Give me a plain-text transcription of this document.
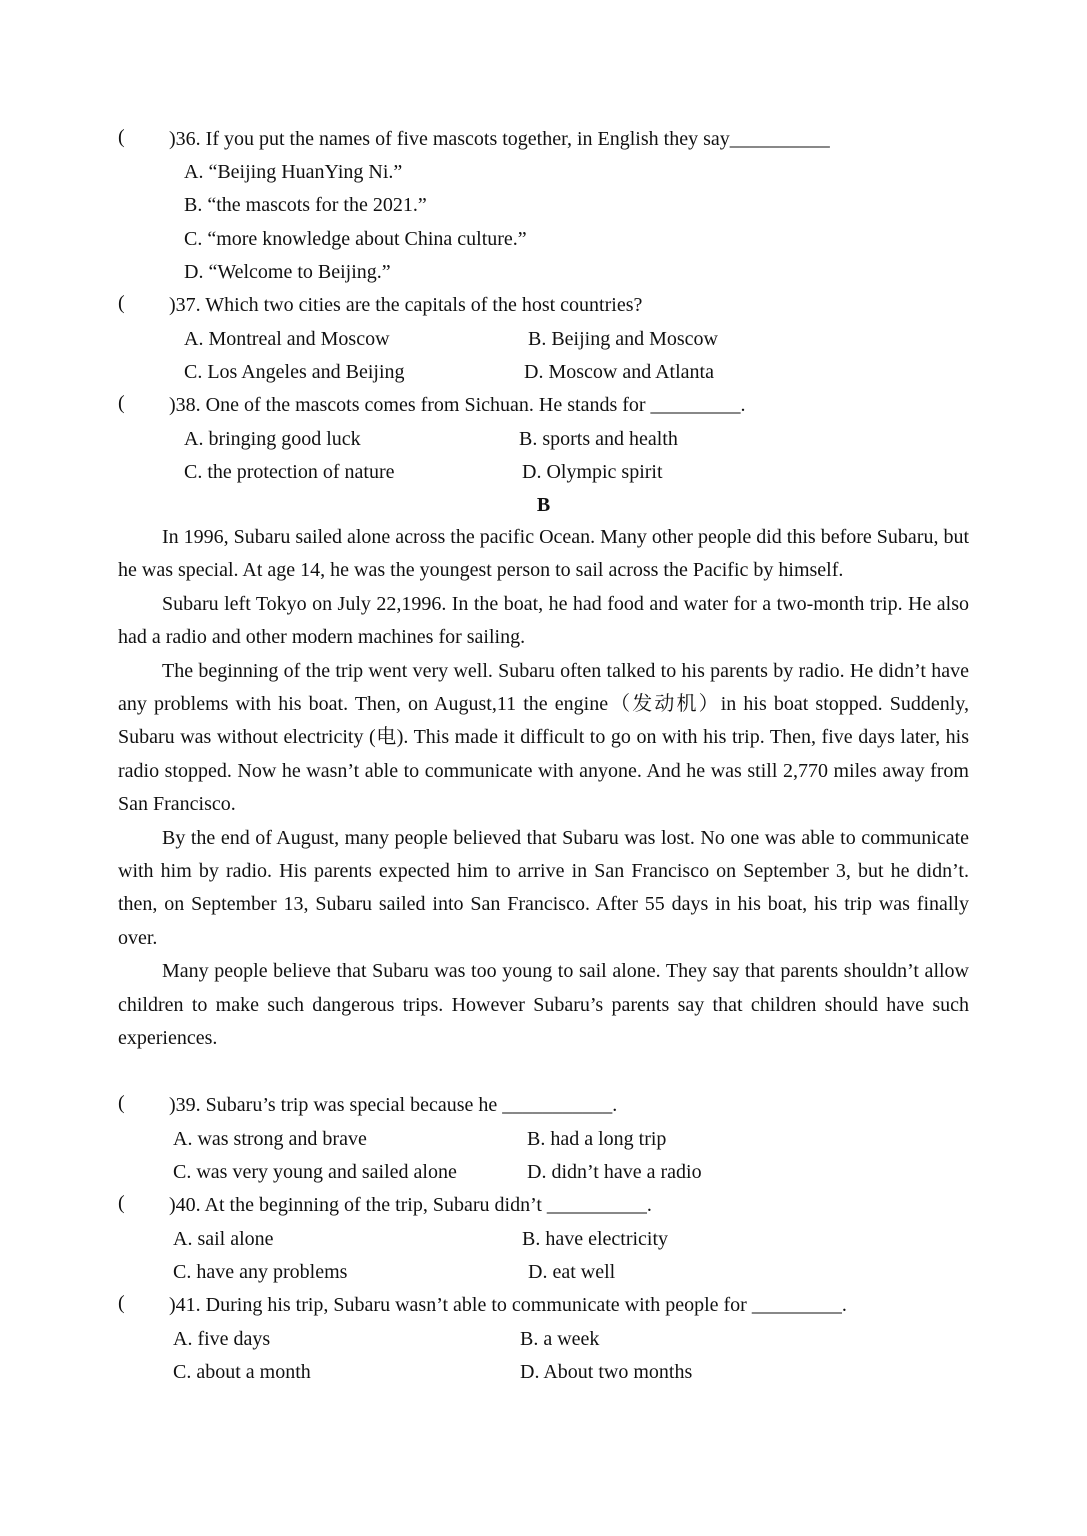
( )36. If you put the names of five mascots together, in English they say__________
A. “Beijing HuanYing Ni.”
B. “the mascots for the 2021.”
C. “more knowledge about China culture.”
D. “Welcome to Beijing.”
( )37. Which two cities are the capitals of the host countries?
A. Montreal and Moscow	B. Beijing and Moscow
C. Los Angeles and Beijing	D. Moscow and Atlanta
( )38. One of the mascots comes from Sichuan. He stands for _________.
A. bringing good luck	B. sports and health
C. the protection of nature	D. Olympic spirit
B

In 1996, Subaru sailed alone across the pacific Ocean. Many other people did this before Subaru, but he was special. At age 14, he was the youngest person to sail across the Pacific by himself.

Subaru left Tokyo on July 22,1996. In the boat, he had food and water for a two-month trip. He also had a radio and other modern machines for sailing.

The beginning of the trip went very well. Subaru often talked to his parents by radio. He didn’t have any problems with his boat. Then, on August,11 the engine（发动机）in his boat stopped. Suddenly, Subaru was without electricity (电). This made it difficult to go on with his trip. Then, five days later, his radio stopped. Now he wasn’t able to communicate with anyone. And he was still 2,770 miles away from San Francisco.

By the end of August, many people believed that Subaru was lost. No one was able to communicate with him by radio. His parents expected him to arrive in San Francisco on September 3, but he didn’t. then, on September 13, Subaru sailed into San Francisco. After 55 days in his boat, his trip was finally over.

Many people believe that Subaru was too young to sail alone. They say that parents shouldn’t allow children to make such dangerous trips. However Subaru’s parents say that children should have such experiences.

( )39. Subaru’s trip was special because he ___________.
A. was strong and brave	B. had a long trip
C. was very young and sailed alone	D. didn’t have a radio
( )40. At the beginning of the trip, Subaru didn’t __________.
A. sail alone	B. have electricity
C. have any problems	D. eat well
( )41. During his trip, Subaru wasn’t able to communicate with people for _________.
A. five days	B. a week
C. about a month	D. About two months
